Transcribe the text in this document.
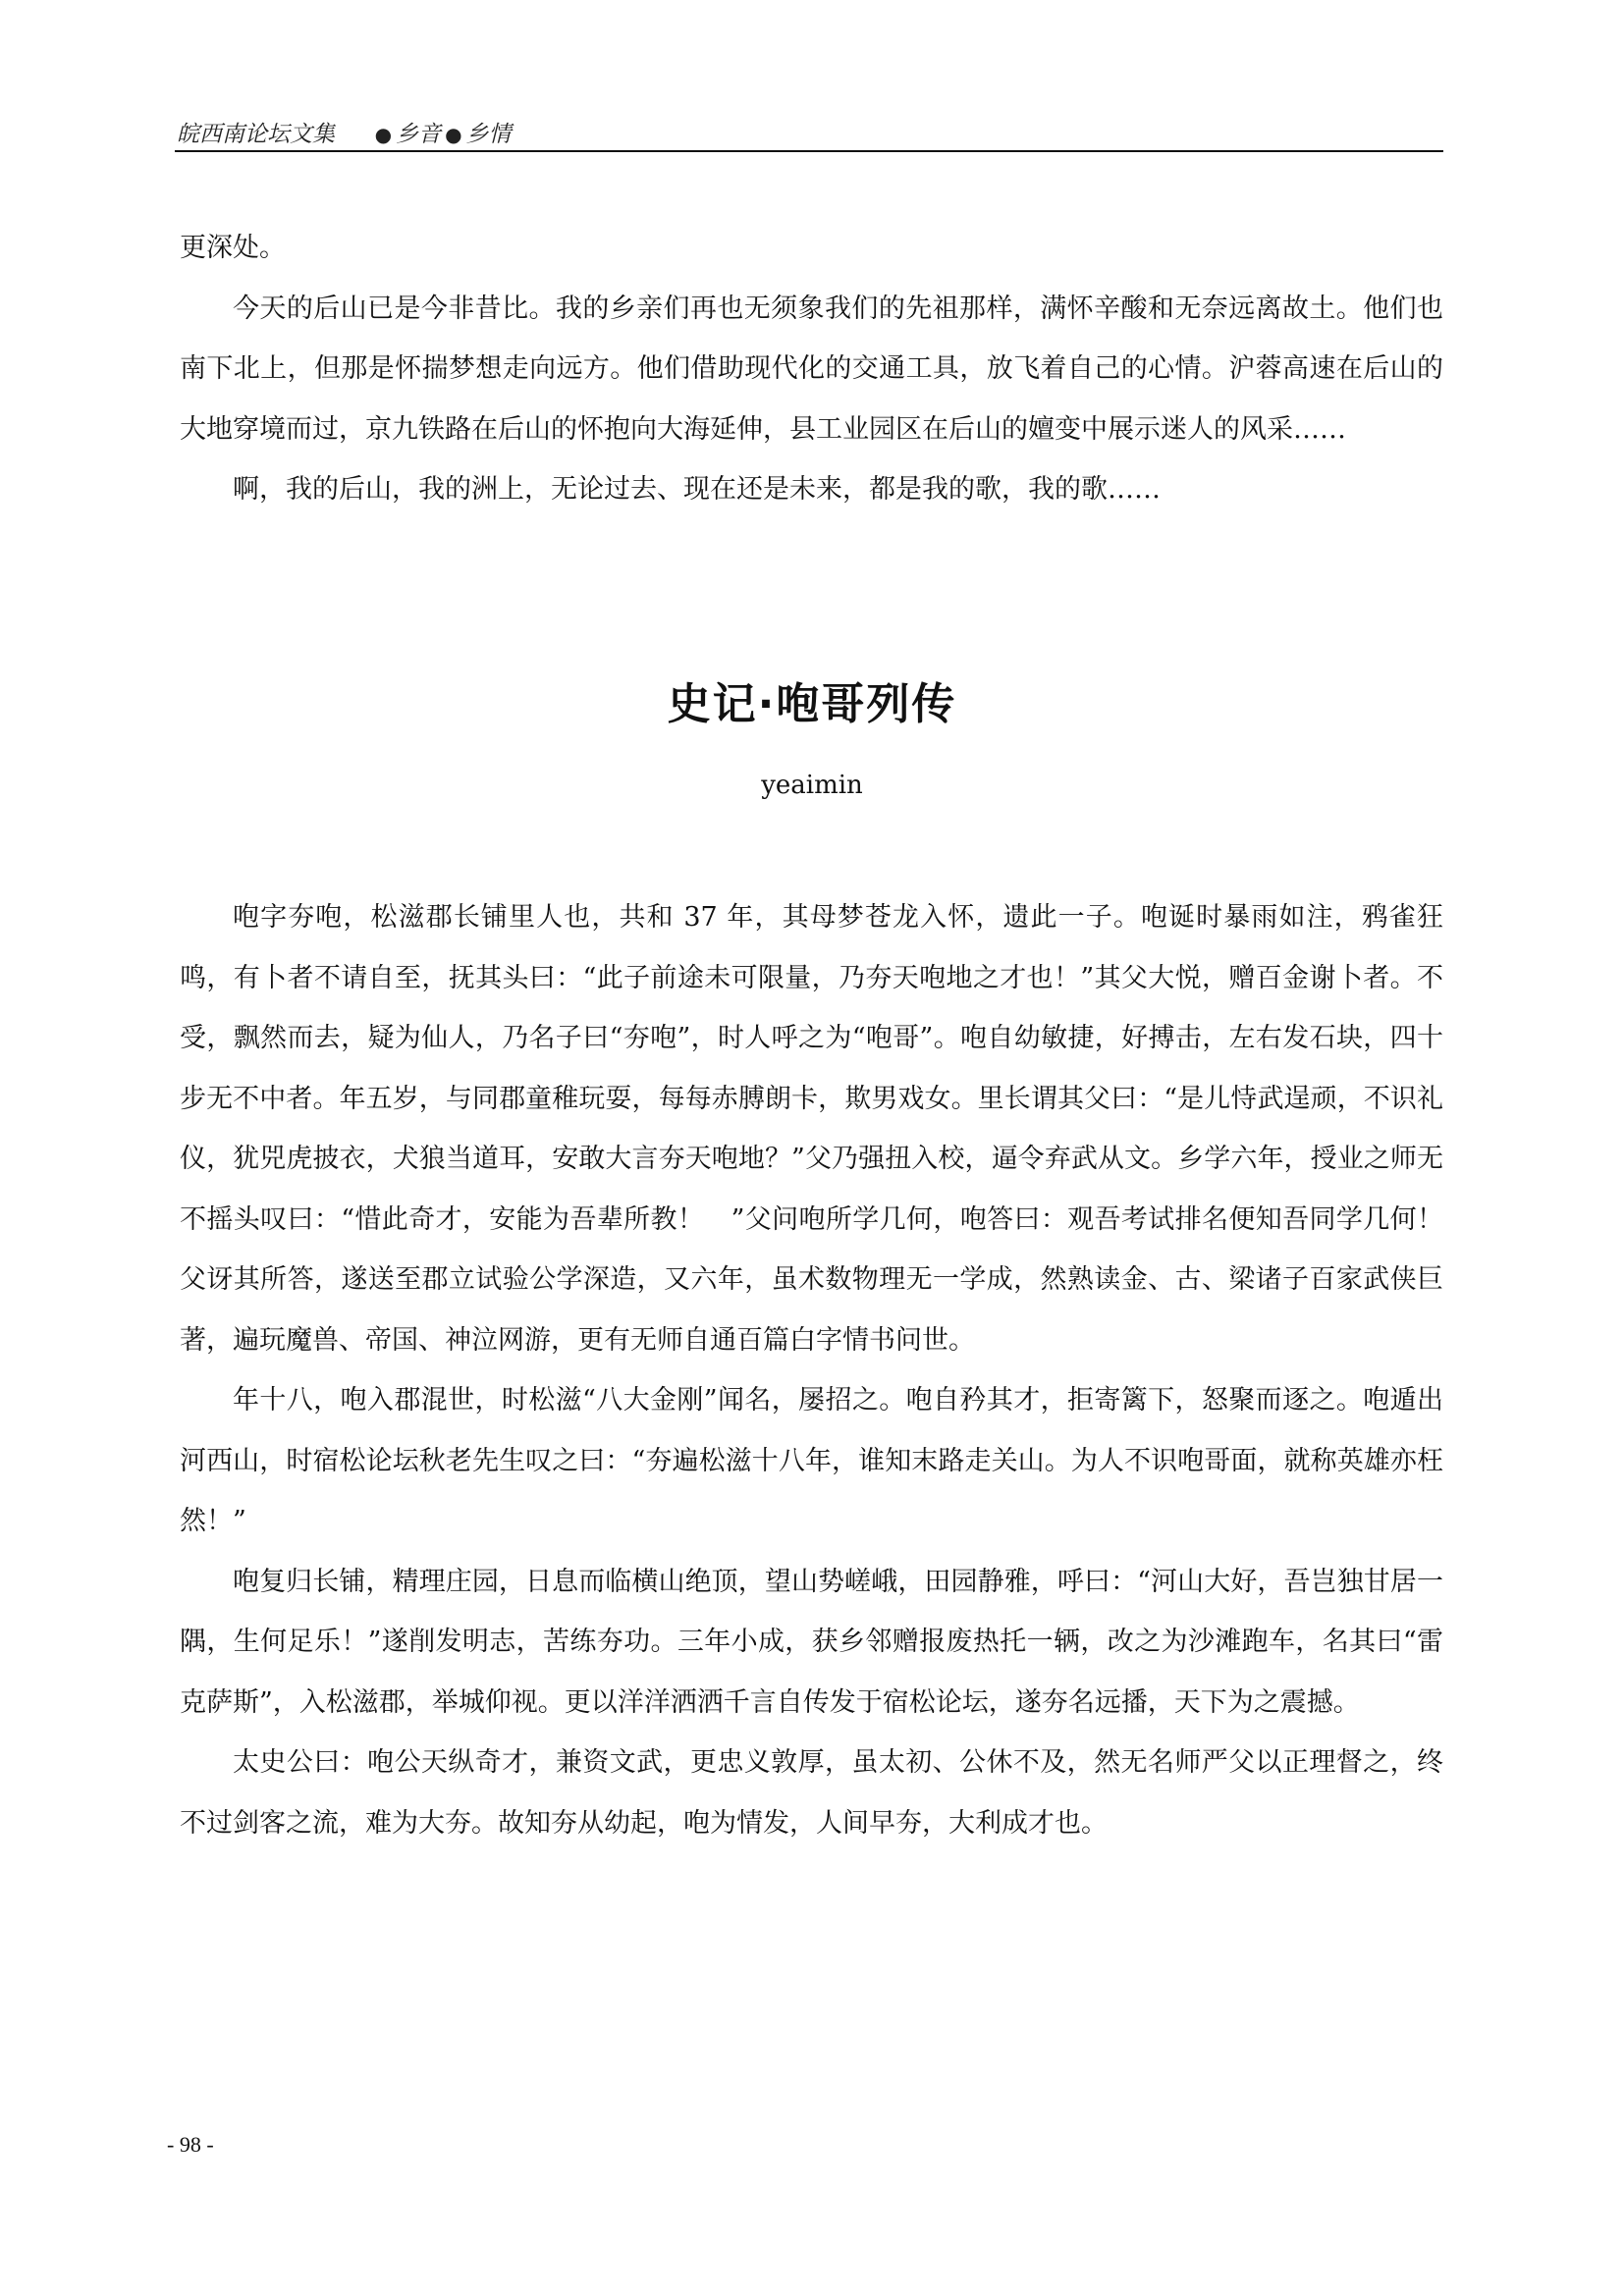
皖西南论坛文集 ● 乡音 ● 乡情

更深处。

今天的后山已是今非昔比。我的乡亲们再也无须象我们的先祖那样，满怀辛酸和无奈远离故土。他们也南下北上，但那是怀揣梦想走向远方。他们借助现代化的交通工具，放飞着自己的心情。沪蓉高速在后山的大地穿境而过，京九铁路在后山的怀抱向大海延伸，县工业园区在后山的嬗变中展示迷人的风采……

啊，我的后山，我的洲上，无论过去、现在还是未来，都是我的歌，我的歌……

史记·咆哥列传
yeaimin

咆字夯咆，松滋郡长铺里人也，共和 37 年，其母梦苍龙入怀，遗此一子。咆诞时暴雨如注，鸦雀狂鸣，有卜者不请自至，抚其头曰：“此子前途未可限量，乃夯天咆地之才也！”其父大悦，赠百金谢卜者。不受，飘然而去，疑为仙人，乃名子曰“夯咆”，时人呼之为“咆哥”。咆自幼敏捷，好搏击，左右发石块，四十步无不中者。年五岁，与同郡童稚玩耍，每每赤膊朗卡，欺男戏女。里长谓其父曰：“是儿恃武逞顽，不识礼仪，犹兕虎披衣，犬狼当道耳，安敢大言夯天咆地？”父乃强扭入校，逼令弃武从文。乡学六年，授业之师无不摇头叹曰：“惜此奇才，安能为吾辈所教！　”父问咆所学几何，咆答曰：观吾考试排名便知吾同学几何！　父讶其所答，遂送至郡立试验公学深造，又六年，虽术数物理无一学成，然熟读金、古、梁诸子百家武侠巨著，遍玩魔兽、帝国、神泣网游，更有无师自通百篇白字情书问世。

年十八，咆入郡混世，时松滋“八大金刚”闻名，屡招之。咆自矜其才，拒寄篱下，怒聚而逐之。咆遁出河西山，时宿松论坛秋老先生叹之曰：“夯遍松滋十八年，谁知末路走关山。为人不识咆哥面，就称英雄亦枉然！”

咆复归长铺，精理庄园，日息而临横山绝顶，望山势嵯峨，田园静雅，呼曰：“河山大好，吾岂独甘居一隅，生何足乐！”遂削发明志，苦练夯功。三年小成，获乡邻赠报废热托一辆，改之为沙滩跑车，名其曰“雷克萨斯”，入松滋郡，举城仰视。更以洋洋洒洒千言自传发于宿松论坛，遂夯名远播，天下为之震撼。

太史公曰：咆公天纵奇才，兼资文武，更忠义敦厚，虽太初、公休不及，然无名师严父以正理督之，终不过剑客之流，难为大夯。故知夯从幼起，咆为情发，人间早夯，大利成才也。

- 98 -
